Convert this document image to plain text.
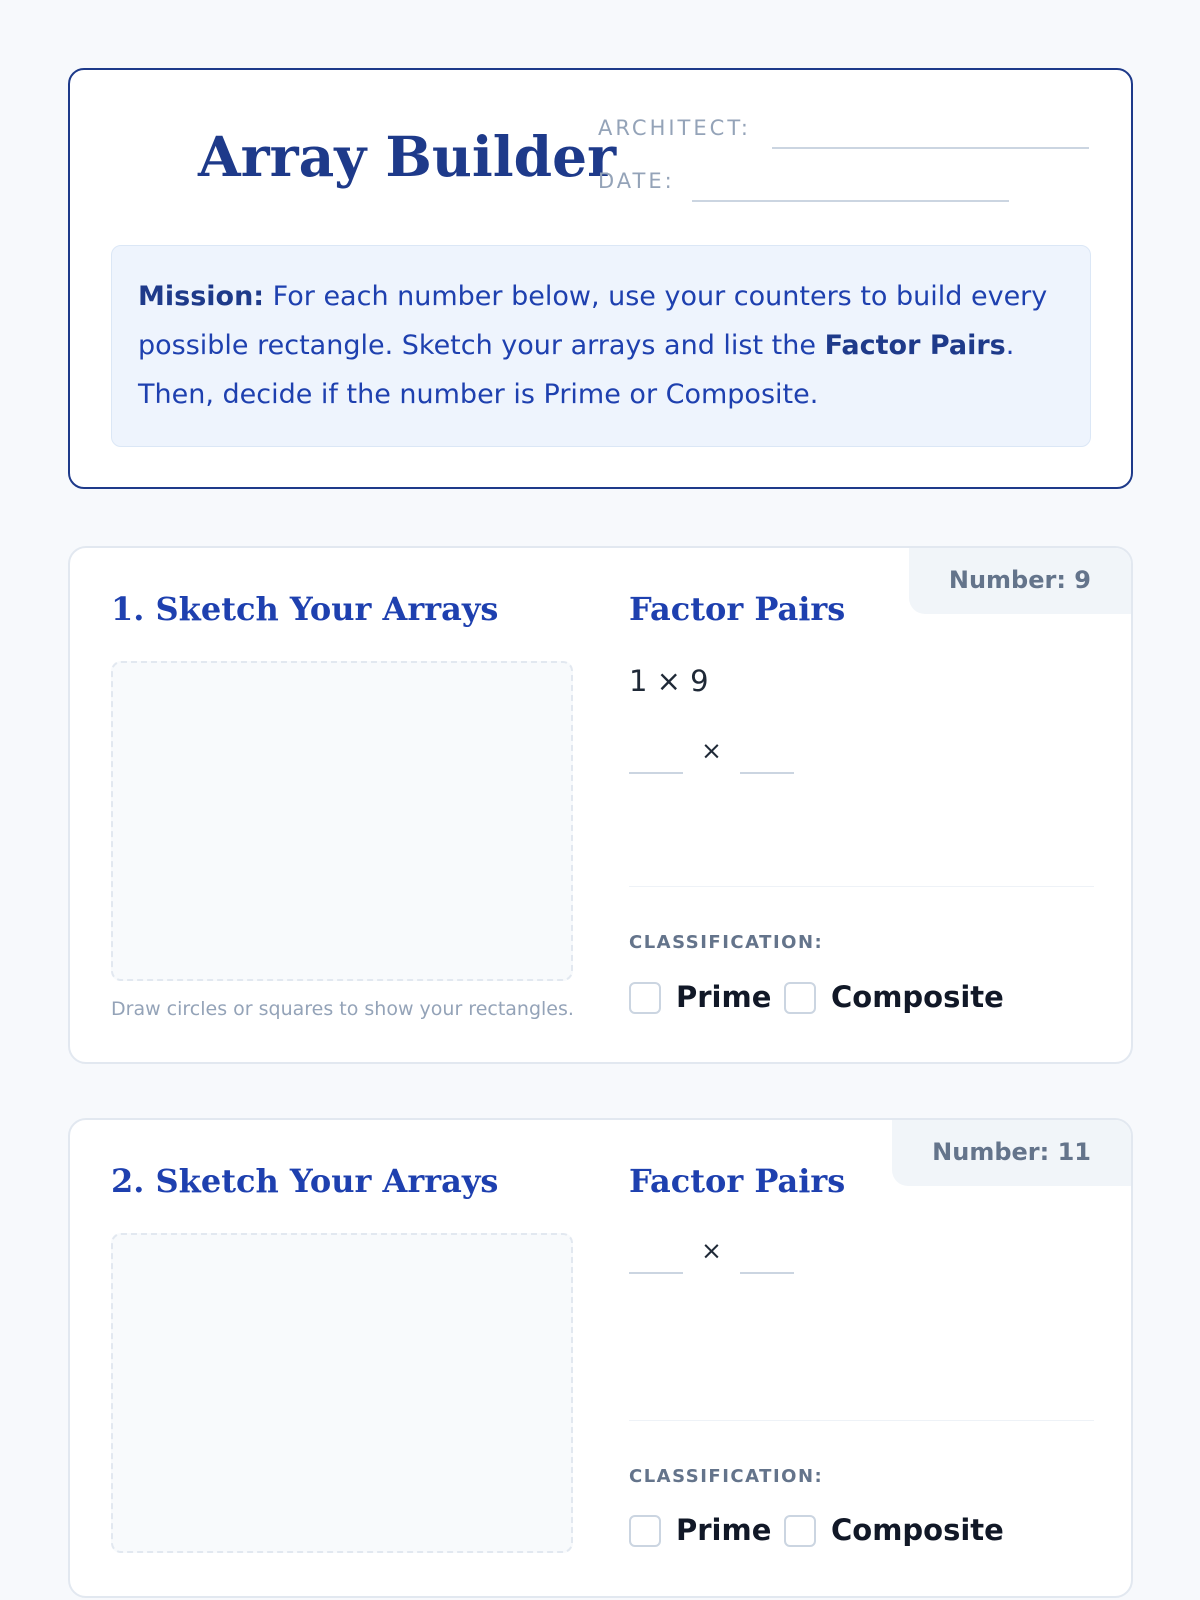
Array Builder
ARCHITECT:
DATE:
Mission: For each number below, use your counters to build every possible rectangle. Sketch your arrays and list the Factor Pairs. Then, decide if the number is Prime or Composite.
Number: 9
1. Sketch Your Arrays
Draw circles or squares to show your rectangles.
Factor Pairs
1 × 9
×
CLASSIFICATION:
Prime Composite
Number: 11
2. Sketch Your Arrays	Factor Pairs
×
CLASSIFICATION:
Prime Composite
